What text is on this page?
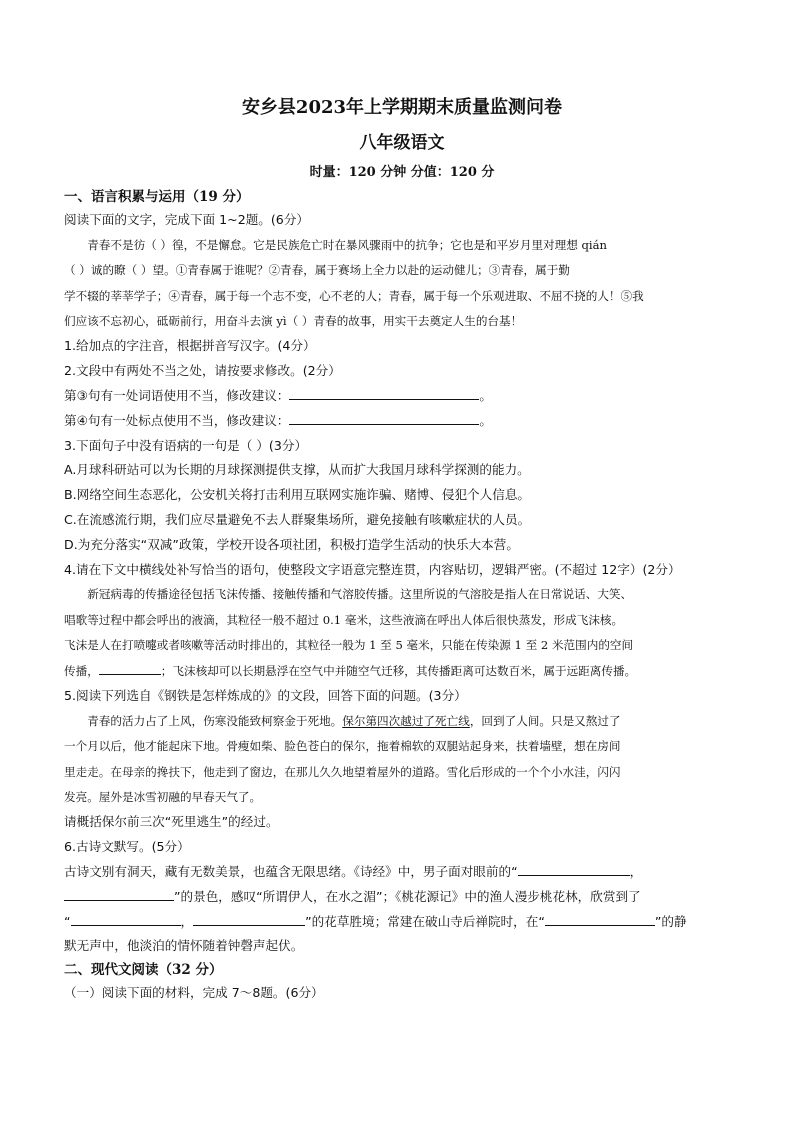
安乡县2023年上学期期末质量监测问卷
八年级语文
时量：120 分钟 分值：120 分
一、语言积累与运用（19 分）
阅读下面的文字，完成下面 1~2题。(6分）

青春不是彷（ ）徨，不是懈怠。它是民族危亡时在暴风骤雨中的抗争；它也是和平岁月里对理想 qián

（ ）诚的瞭（ ）望。①青春属于谁呢？②青春，属于赛场上全力以赴的运动健儿；③青春，属于勤

学不辍的莘莘学子；④青春，属于每一个志不变，心不老的人；青春，属于每一个乐观进取、不屈不挠的人！⑤我

们应该不忘初心，砥砺前行，用奋斗去演 yì（ ）青春的故事，用实干去奠定人生的台基！

1.给加点的字注音，根据拼音写汉字。(4分）
2.文段中有两处不当之处，请按要求修改。(2分）
第③句有一处词语使用不当，修改建议：	。
第④句有一处标点使用不当，修改建议：	。
3.下面句子中没有语病的一句是（ ）(3分）
A.月球科研站可以为长期的月球探测提供支撑，从而扩大我国月球科学探测的能力。
B.网络空间生态恶化，公安机关将打击利用互联网实施诈骗、赌博、侵犯个人信息。
C.在流感流行期，我们应尽量避免不去人群聚集场所，避免接触有咳嗽症状的人员。
D.为充分落实“双减”政策，学校开设各项社团，积极打造学生活动的快乐大本营。
4.请在下文中横线处补写恰当的语句，使整段文字语意完整连贯，内容贴切，逻辑严密。(不超过 12字）(2分）

新冠病毒的传播途径包括飞沫传播、接触传播和气溶胶传播。这里所说的气溶胶是指人在日常说话、大笑、

唱歌等过程中都会呼出的液滴，其粒径一般不超过 0.1 毫米，这些液滴在呼出人体后很快蒸发，形成飞沫核。

飞沫是人在打喷嚏或者咳嗽等活动时排出的，其粒径一般为 1 至 5 毫米，只能在传染源 1 至 2 米范围内的空间

传播，	；飞沫核却可以长期悬浮在空气中并随空气迁移，其传播距离可达数百米，属于远距离传播。

5.阅读下列选自《钢铁是怎样炼成的》的文段，回答下面的问题。(3分）

青春的活力占了上风，伤寒没能致柯察金于死地。保尔第四次越过了死亡线，回到了人间。只是又熬过了

一个月以后，他才能起床下地。骨瘦如柴、脸色苍白的保尔，拖着棉软的双腿站起身来，扶着墙壁，想在房间

里走走。在母亲的搀扶下，他走到了窗边，在那儿久久地望着屋外的道路。雪化后形成的一个个小水洼，闪闪

发亮。屋外是冰雪初融的早春天气了。

请概括保尔前三次“死里逃生”的经过。
6.古诗文默写。(5分）
古诗文别有洞天，藏有无数美景，也蕴含无限思绪。《诗经》中，男子面对眼前的“	，
”的景色，感叹“所谓伊人，在水之湄”；《桃花源记》中的渔人漫步桃花林，欣赏到了
“	，	”的花草胜境；常建在破山寺后禅院时，在“	”的静
默无声中，他淡泊的情怀随着钟磬声起伏。
二、现代文阅读（32 分）
（一）阅读下面的材料，完成 7～8题。(6分）
